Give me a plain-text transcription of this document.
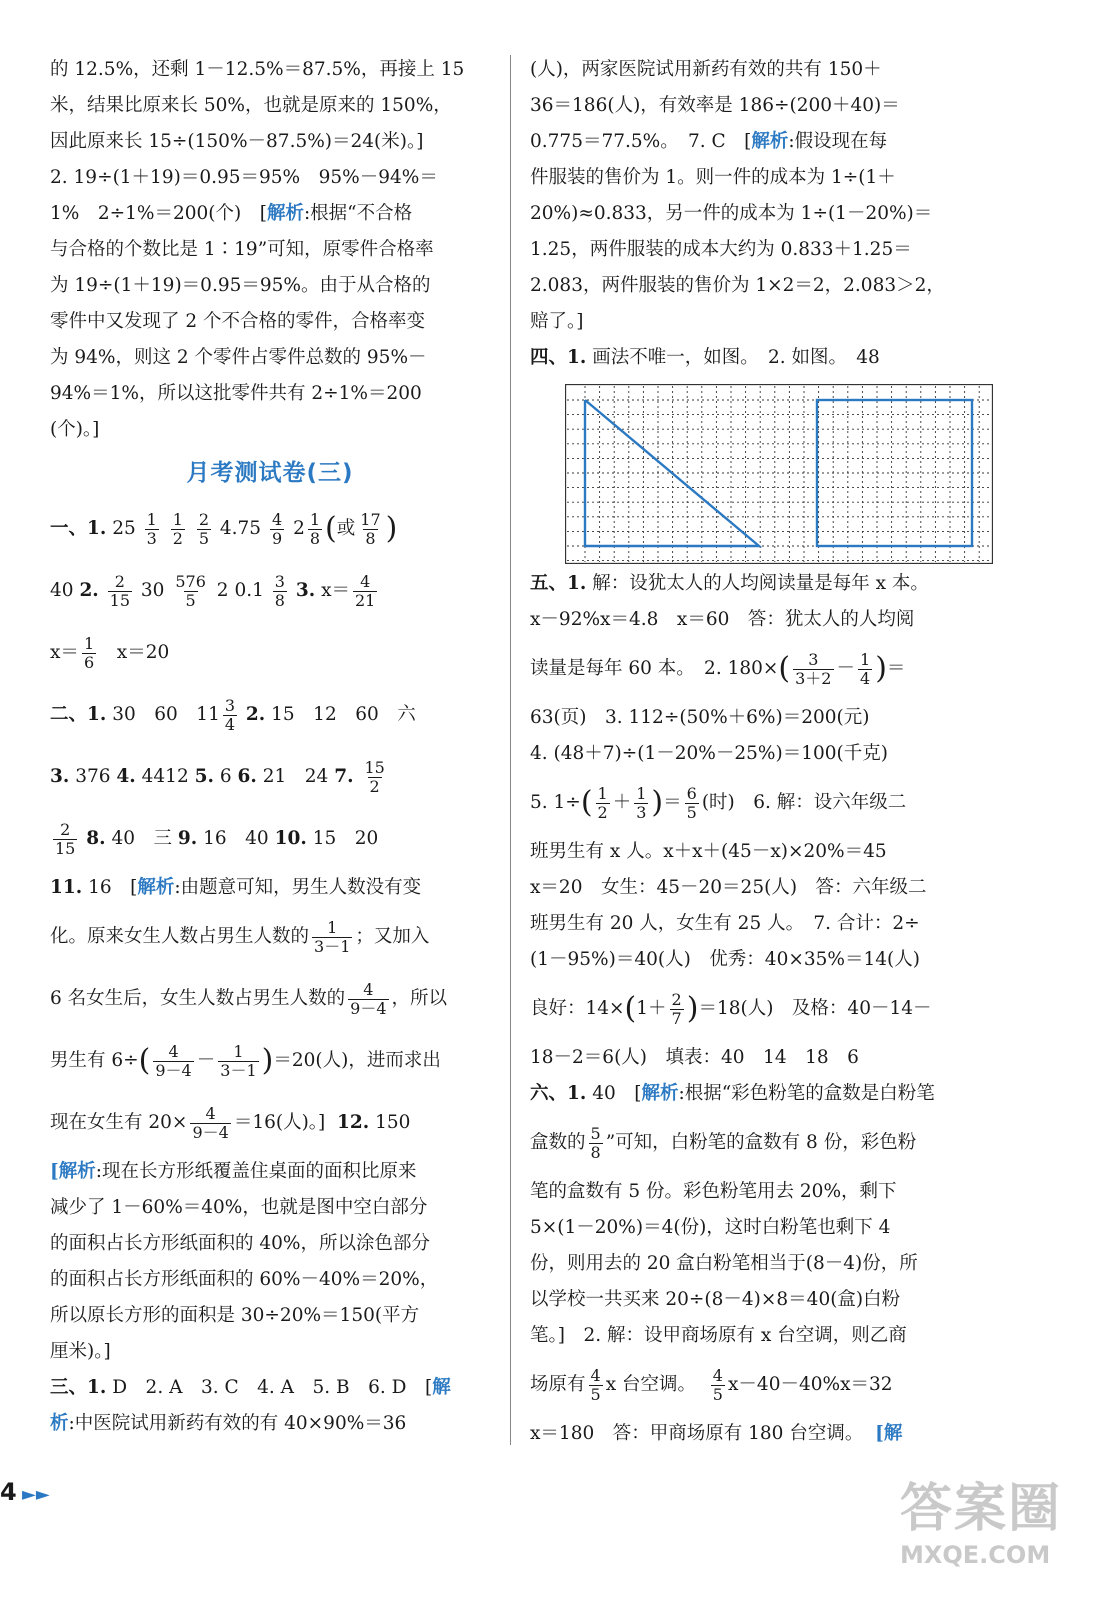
的 12.5%，还剩 1－12.5%＝87.5%，再接上 15
米，结果比原来长 50%，也就是原来的 150%，
因此原来长 15÷(150%－87.5%)＝24(米)。]
2. 19÷(1＋19)＝0.95＝95%　95%－94%＝
1%　2÷1%＝200(个)　[解析:根据“不合格
与合格的个数比是 1∶19”可知，原零件合格率
为 19÷(1＋19)＝0.95＝95%。由于从合格的
零件中又发现了 2 个不合格的零件，合格率变
为 94%，则这 2 个零件占零件总数的 95%－
94%＝1%，所以这批零件共有 2÷1%＝200
(个)。]
月考测试卷(三)
一、1. $25 \frac{1}{3}$
$\frac{1}{2}$
$\frac{2}{5} 4.75 \frac{4}{9} 2 \frac{1}{8}$ (或 $\frac{17}{8}$ )
40 2. $\frac{2}{15} 30 \frac{576}{5} 2$ $0.1 \frac{3}{8} 3$. $x= \frac{4}{21}$
$x= \frac{1}{6} x=20$
二、1. 30　60　$11 \frac{3}{4} 2$. 15　12　60　六
3. 376 4. 4412 5. 6 6. 21　24 7. $\frac{15}{2}$
$\frac{2}{15} 8$. 40　三 9. 16　40 10. 15　20
11. 16　[解析:由题意可知，男生人数没有变
化。原来女生人数占男生人数的 $\frac{1}{3-1}$ ；又加入
6 名女生后，女生人数占男生人数的 $\frac{4}{9-4}$ ，所以
男生有 $6\div( \frac{4}{9-4} - \frac{1}{3-1} )=20$(人)，进而求出
现在女生有 $20\times \frac{4}{9-4} =16$(人)。] 12. 150
[解析:现在长方形纸覆盖住桌面的面积比原来
减少了 1－60%＝40%，也就是图中空白部分
的面积占长方形纸面积的 40%，所以涂色部分
的面积占长方形纸面积的 60%－40%＝20%，
所以原长方形的面积是 30÷20%＝150(平方
厘米)。]
三、1. D　2. A　3. C　4. A　5. B　6. D　[解
析:中医院试用新药有效的有 40×90%＝36
(人)，两家医院试用新药有效的共有 150＋
36＝186(人)，有效率是 186÷(200＋40)＝
0.775＝77.5%。　7. C　[解析:假设现在每
件服装的售价为 1。则一件的成本为 1÷(1＋
20%)≈0.833，另一件的成本为 1÷(1－20%)＝
1.25，两件服装的成本大约为 0.833＋1.25＝
2.083，两件服装的售价为 1×2＝2，2.083＞2，
赔了。]
四、1. 画法不唯一，如图。　2. 如图。　48
五、1. 解：设犹太人的人均阅读量是每年 x 本。
x－92%x＝4.8　x＝60　答：犹太人的人均阅
读量是每年 60 本。　2. $180\times( \frac{3}{3+2} - \frac{1}{4}$ )＝
63(页)　3. 112÷(50%＋6%)＝200(元)
4. (48＋7)÷(1－20%－25%)＝100(千克)
5. $1\div( \frac{1}{2} + \frac{1}{3}$ )＝ $\frac{6}{5}$ (时)　6. 解：设六年级二
班男生有 x 人。x＋x＋(45－x)×20%＝45
x＝20　女生：45－20＝25(人)　答：六年级二
班男生有 20 人，女生有 25 人。　7. 合计：2÷
(1－95%)＝40(人)　优秀：40×35%＝14(人)
良好：$14\times(1+ \frac{2}{7} )=18$(人)　及格：40－14－
18－2＝6(人)　填表：40　14　18　6
六、1. 40　[解析:根据“彩色粉笔的盒数是白粉笔
盒数的 $\frac{5}{8}$ ”可知，白粉笔的盒数有 8 份，彩色粉
笔的盒数有 5 份。彩色粉笔用去 20%，剩下
5×(1－20%)＝4(份)，这时白粉笔也剩下 4
份，则用去的 20 盒白粉笔相当于(8－4)份，所
以学校一共买来 20÷(8－4)×8＝40(盒)白粉
笔。]　2. 解：设甲商场原有 x 台空调，则乙商
场原有 $\frac{4}{5}$ x 台空调。 $\frac{4}{5} x-40-40\%x=32$
x＝180　答：甲商场原有 180 台空调。 [解
4 ►►	答案圈
MXQE.COM
